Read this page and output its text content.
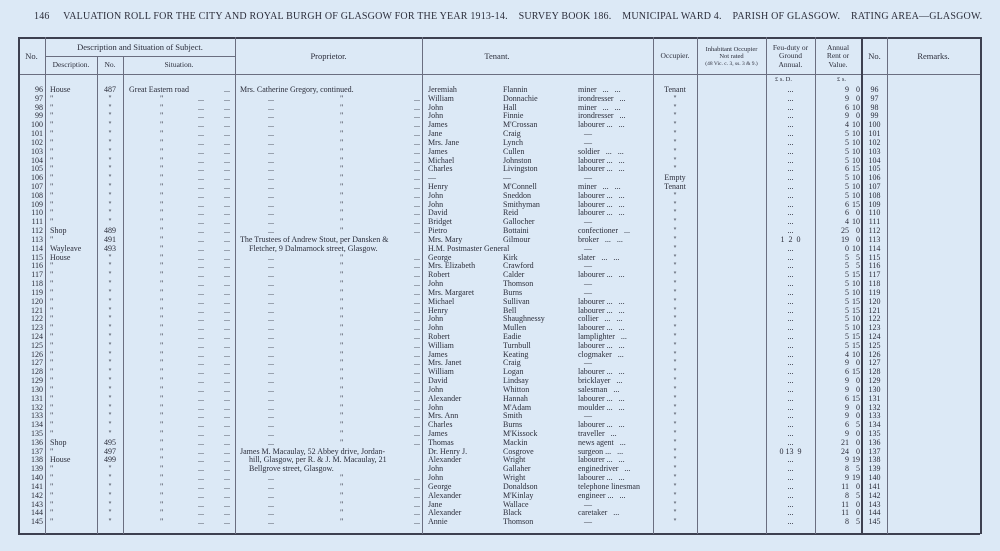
146 VALUATION ROLL FOR THE CITY AND ROYAL BURGH OF GLASGOW FOR THE YEAR 1913-14. SURVEY BOOK 186. MUNICIPAL WARD 4. PARISH OF GLASGOW. RATING AREA—GLASGOW.
No.
Description and Situation of Subject.
Description.	No.	Situation.
Proprietor.	Tenant.	Occupier.
Inhabitant Occupier
Not rated
(48 Vic. c. 3, ss. 3 & 9.)
Feu-duty or Ground Annual.
Annual Rent or Value.
No.	Remarks.
£ s. D.	£ s.
96 House	487	Great Eastern road	... Mrs. Catherine Gregory, continued.	Jeremiah	Flannin	miner   ...   ...	Tenant	...	9 0	96
97 "	"	"	...	...	...	"	... William	Donnachie	irondresser   ...	"	...	9 0	97
98 "	"	"	...	...	...	"	... John	Hall	miner   ...   ...	"	...	6 10	98
99 "	"	"	...	...	...	"	... John	Finnie	irondresser   ...	"	...	9 0	99
100 "	"	"	...	...	...	"	... James	M'Crossan	labourer ...   ...	"	...	4 10	100
101 "	"	"	...	...	...	"	... Jane	Craig	—	"	...	5 10	101
102 "	"	"	...	...	...	"	... Mrs. Jane	Lynch	—	"	...	5 10	102
103 "	"	"	...	...	...	"	... James	Cullen	soldier   ...   ...	"	...	5 10	103
104 "	"	"	...	...	...	"	... Michael	Johnston	labourer ...   ...	"	...	5 10	104
105 "	"	"	...	...	...	"	... Charles	Livingston	labourer ...   ...	"	...	6 15	105
106 "	"	"	...	...	...	"	... —	—	—	Empty	...	5 10	106
107 "	"	"	...	...	...	"	... Henry	M'Connell	miner   ...   ...	Tenant	...	5 10	107
108 "	"	"	...	...	...	"	... John	Sneddon	labourer ...   ...	"	...	5 10	108
109 "	"	"	...	...	...	"	... John	Smithyman	labourer ...   ...	"	...	6 15	109
110 "	"	"	...	...	...	"	... David	Reid	labourer ...   ...	"	...	6 0	110
111 "	"	"	...	...	...	"	... Bridget	Gallocher	—	"	...	4 10	111
112 Shop	489	"	...	...	...	"	... Pietro	Bottaini	confectioner   ...	"	...	25 0	112
113 "	491	"	...	... The Trustees of Andrew Stout, per Dansken &	Mrs. Mary	Gilmour	broker   ...   ...	"	1  2  0	19 0	113
114 Wayleave	493	"	...	... Fletcher, 9 Dalmarnock street, Glasgow.	H.M. Postmaster General	—	"	...	0 10	114
115 House	"	"	...	...	...	"	... George	Kirk	slater   ...   ...	"	...	5 5	115
116 "	"	"	...	...	...	"	... Mrs. Elizabeth	Crawford	—	"	...	5 5	116
117 "	"	"	...	...	...	"	... Robert	Calder	labourer ...   ...	"	...	5 15	117
118 "	"	"	...	...	...	"	... John	Thomson	—	"	...	5 10	118
119 "	"	"	...	...	...	"	... Mrs. Margaret	Burns	—	"	...	5 10	119
120 "	"	"	...	...	...	"	... Michael	Sullivan	labourer ...   ...	"	...	5 15	120
121 "	"	"	...	...	...	"	... Henry	Bell	labourer ...   ...	"	...	5 15	121
122 "	"	"	...	...	...	"	... John	Shaughnessy	collier   ...   ...	"	...	5 10	122
123 "	"	"	...	...	...	"	... John	Mullen	labourer ...   ...	"	...	5 10	123
124 "	"	"	...	...	...	"	... Robert	Eadie	lamplighter   ...	"	...	5 15	124
125 "	"	"	...	...	...	"	... William	Turnbull	labourer ...   ...	"	...	5 15	125
126 "	"	"	...	...	...	"	... James	Keating	clogmaker   ...	"	...	4 10	126
127 "	"	"	...	...	...	"	... Mrs. Janet	Craig	—	"	...	9 0	127
128 "	"	"	...	...	...	"	... William	Logan	labourer ...   ...	"	...	6 15	128
129 "	"	"	...	...	...	"	... David	Lindsay	bricklayer   ...	"	...	9 0	129
130 "	"	"	...	...	...	"	... John	Whitton	salesman   ...	"	...	9 0	130
131 "	"	"	...	...	...	"	... Alexander	Hannah	labourer ...   ...	"	...	6 15	131
132 "	"	"	...	...	...	"	... John	M'Adam	moulder ...   ...	"	...	9 0	132
133 "	"	"	...	...	...	"	... Mrs. Ann	Smith	—	"	...	9 0	133
134 "	"	"	...	...	...	"	... Charles	Burns	labourer ...   ...	"	...	6 5	134
135 "	"	"	...	...	...	"	... James	M'Kissock	traveller   ...	"	...	9 0	135
136 Shop	495	"	...	...	...	"	... Thomas	Mackin	news agent   ...	"	...	21 0	136
137 "	497	"	...	... James M. Macaulay, 52 Abbey drive, Jordan-	Dr. Henry J.	Cosgrove	surgeon ...   ...	"	0 13  9	24 0	137
138 House	499	"	...	... hill, Glasgow, per R. & J. M. Macaulay, 21	Alexander	Wright	labourer ...   ...	"	...	9 19	138
139 "	"	"	...	... Bellgrove street, Glasgow.	John	Gallaher	enginedriver   ...	"	...	8 5	139
140 "	"	"	...	...	...	"	... John	Wright	labourer ...   ...	"	...	9 19	140
141 "	"	"	...	...	...	"	... George	Donaldson	telephone linesman	"	...	11 0	141
142 "	"	"	...	...	...	"	... Alexander	M'Kinlay	engineer ...   ...	"	...	8 5	142
143 "	"	"	...	...	...	"	... Jane	Wallace	—	"	...	11 0	143
144 "	"	"	...	...	...	"	... Alexander	Black	caretaker   ...	"	...	11 0	144
145 "	"	"	...	...	...	"	... Annie	Thomson	—	"	...	8 5	145
